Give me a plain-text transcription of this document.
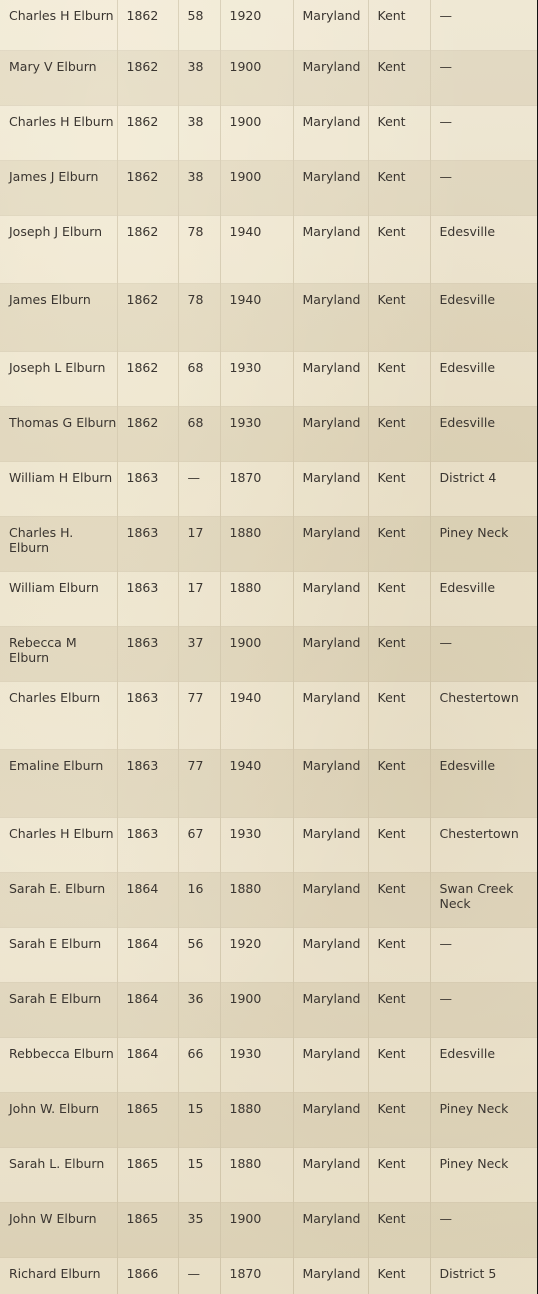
Charles H Elburn	1862	58	1920	Maryland	Kent	—
Mary V Elburn	1862	38	1900	Maryland	Kent	—
Charles H Elburn	1862	38	1900	Maryland	Kent	—
James J Elburn	1862	38	1900	Maryland	Kent	—
Joseph J Elburn	1862	78	1940	Maryland	Kent	Edesville
James Elburn	1862	78	1940	Maryland	Kent	Edesville
Joseph L Elburn	1862	68	1930	Maryland	Kent	Edesville
Thomas G Elburn	1862	68	1930	Maryland	Kent	Edesville
William H Elburn	1863	—	1870	Maryland	Kent	District 4
Charles H. Elburn	1863	17	1880	Maryland	Kent	Piney Neck
William Elburn	1863	17	1880	Maryland	Kent	Edesville
Rebecca M Elburn	1863	37	1900	Maryland	Kent	—
Charles Elburn	1863	77	1940	Maryland	Kent	Chestertown
Emaline Elburn	1863	77	1940	Maryland	Kent	Edesville
Charles H Elburn	1863	67	1930	Maryland	Kent	Chestertown
Sarah E. Elburn	1864	16	1880	Maryland	Kent	Swan Creek Neck
Sarah E Elburn	1864	56	1920	Maryland	Kent	—
Sarah E Elburn	1864	36	1900	Maryland	Kent	—
Rebbecca Elburn	1864	66	1930	Maryland	Kent	Edesville
John W. Elburn	1865	15	1880	Maryland	Kent	Piney Neck
Sarah L. Elburn	1865	15	1880	Maryland	Kent	Piney Neck
John W Elburn	1865	35	1900	Maryland	Kent	—
Richard Elburn	1866	—	1870	Maryland	Kent	District 5
